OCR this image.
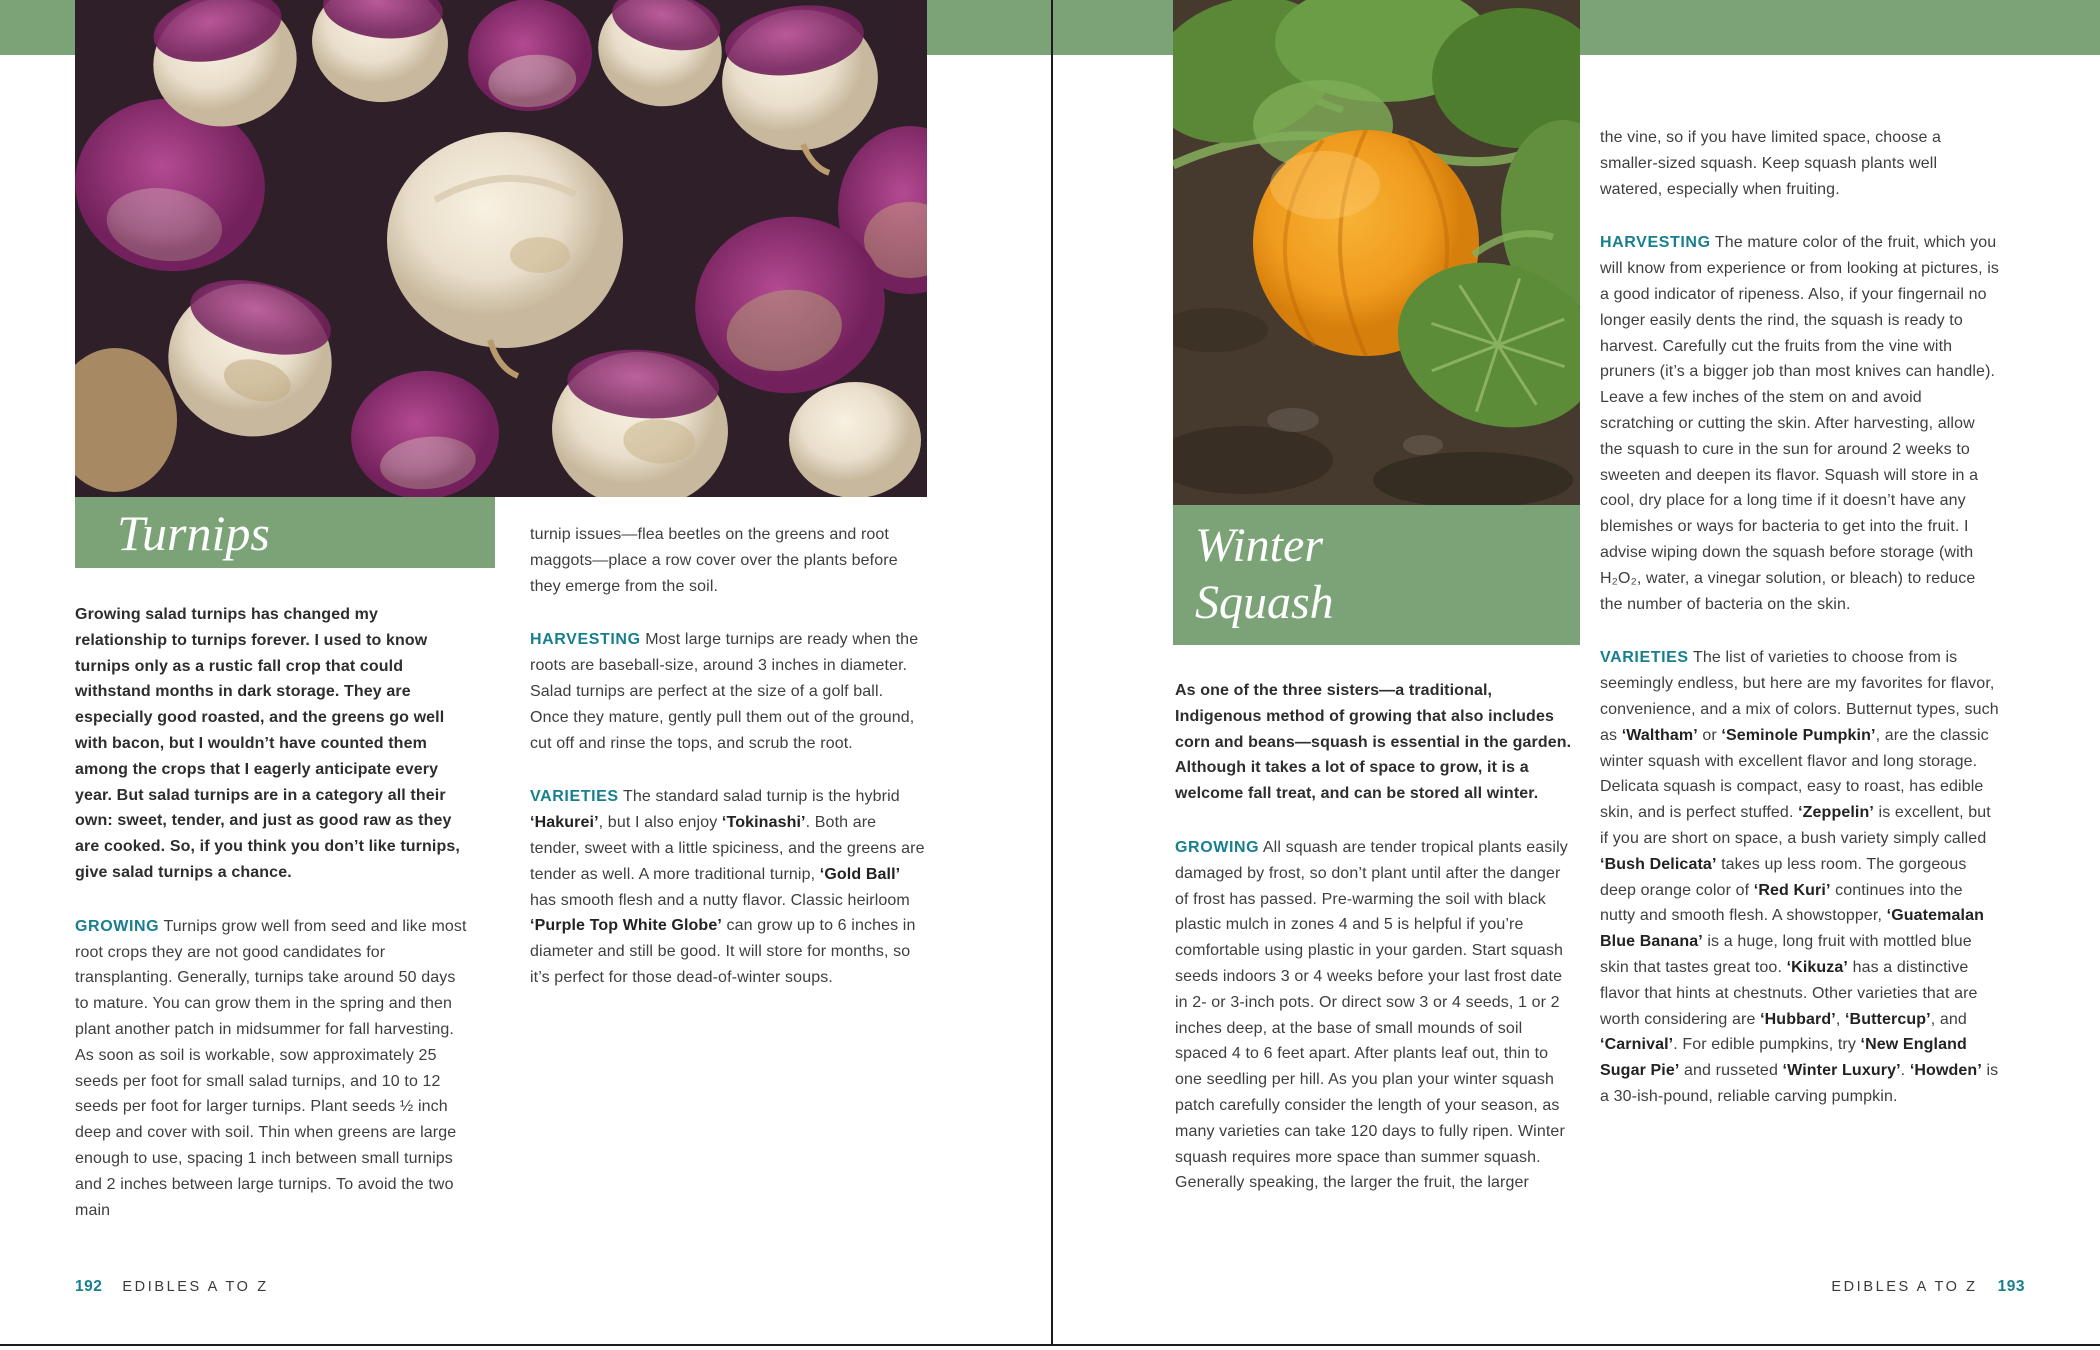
Turnips

Growing salad turnips has changed my relationship to turnips forever. I used to know turnips only as a rustic fall crop that could withstand months in dark storage. They are especially good roasted, and the greens go well with bacon, but I wouldn’t have counted them among the crops that I eagerly anticipate every year. But salad turnips are in a category all their own: sweet, tender, and just as good raw as they are cooked. So, if you think you don’t like turnips, give salad turnips a chance.

GROWING Turnips grow well from seed and like most root crops they are not good candidates for transplanting. Generally, turnips take around 50 days to mature. You can grow them in the spring and then plant another patch in midsummer for fall harvesting. As soon as soil is workable, sow approximately 25 seeds per foot for small salad turnips, and 10 to 12 seeds per foot for larger turnips. Plant seeds ½ inch deep and cover with soil. Thin when greens are large enough to use, spacing 1 inch between small turnips and 2 inches between large turnips. To avoid the two main

turnip issues—flea beetles on the greens and root maggots—place a row cover over the plants before they emerge from the soil.

HARVESTING Most large turnips are ready when the roots are baseball-size, around 3 inches in diameter. Salad turnips are perfect at the size of a golf ball. Once they mature, gently pull them out of the ground, cut off and rinse the tops, and scrub the root.

VARIETIES The standard salad turnip is the hybrid ‘Hakurei’, but I also enjoy ‘Tokinashi’. Both are tender, sweet with a little spiciness, and the greens are tender as well. A more traditional turnip, ‘Gold Ball’ has smooth flesh and a nutty flavor. Classic heirloom ‘Purple Top White Globe’ can grow up to 6 inches in diameter and still be good. It will store for months, so it’s perfect for those dead-of-winter soups.

192 EDIBLES A TO Z
Winter
Squash

As one of the three sisters—a traditional, Indigenous method of growing that also includes corn and beans—squash is essential in the garden. Although it takes a lot of space to grow, it is a welcome fall treat, and can be stored all winter.

GROWING All squash are tender tropical plants easily damaged by frost, so don’t plant until after the danger of frost has passed. Pre-warming the soil with black plastic mulch in zones 4 and 5 is helpful if you’re comfortable using plastic in your garden. Start squash seeds indoors 3 or 4 weeks before your last frost date in 2- or 3-inch pots. Or direct sow 3 or 4 seeds, 1 or 2 inches deep, at the base of small mounds of soil spaced 4 to 6 feet apart. After plants leaf out, thin to one seedling per hill. As you plan your winter squash patch carefully consider the length of your season, as many varieties can take 120 days to fully ripen. Winter squash requires more space than summer squash. Generally speaking, the larger the fruit, the larger

the vine, so if you have limited space, choose a smaller-sized squash. Keep squash plants well watered, especially when fruiting.

HARVESTING The mature color of the fruit, which you will know from experience or from looking at pictures, is a good indicator of ripeness. Also, if your fingernail no longer easily dents the rind, the squash is ready to harvest. Carefully cut the fruits from the vine with pruners (it’s a bigger job than most knives can handle). Leave a few inches of the stem on and avoid scratching or cutting the skin. After harvesting, allow the squash to cure in the sun for around 2 weeks to sweeten and deepen its flavor. Squash will store in a cool, dry place for a long time if it doesn’t have any blemishes or ways for bacteria to get into the fruit. I advise wiping down the squash before storage (with H₂O₂, water, a vinegar solution, or bleach) to reduce the number of bacteria on the skin.

VARIETIES The list of varieties to choose from is seemingly endless, but here are my favorites for flavor, convenience, and a mix of colors. Butternut types, such as ‘Waltham’ or ‘Seminole Pumpkin’, are the classic winter squash with excellent flavor and long storage. Delicata squash is compact, easy to roast, has edible skin, and is perfect stuffed. ‘Zeppelin’ is excellent, but if you are short on space, a bush variety simply called ‘Bush Delicata’ takes up less room. The gorgeous deep orange color of ‘Red Kuri’ continues into the nutty and smooth flesh. A showstopper, ‘Guatemalan Blue Banana’ is a huge, long fruit with mottled blue skin that tastes great too. ‘Kikuza’ has a distinctive flavor that hints at chestnuts. Other varieties that are worth considering are ‘Hubbard’, ‘Buttercup’, and ‘Carnival’. For edible pumpkins, try ‘New England Sugar Pie’ and russeted ‘Winter Luxury’. ‘Howden’ is a 30-ish-pound, reliable carving pumpkin.

EDIBLES A TO Z 193
